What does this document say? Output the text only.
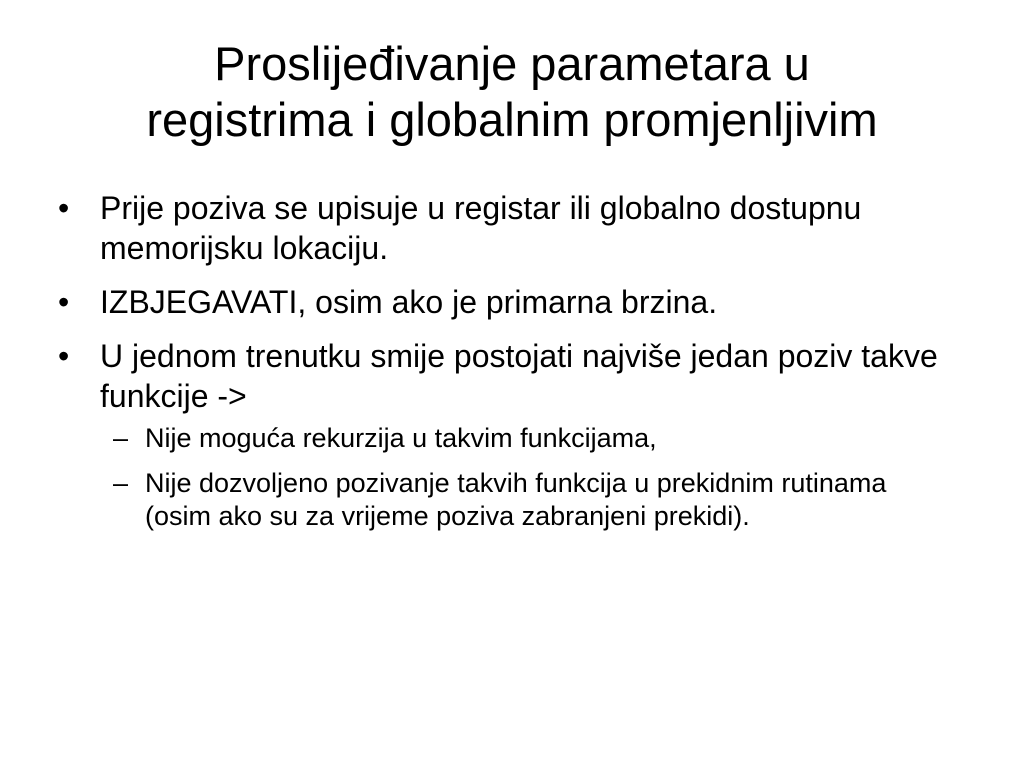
Proslijeđivanje parametara u
registrima i globalnim promjenljivim
• Prije poziva se upisuje u registar ili globalno dostupnu memorijsku lokaciju.
• IZBJEGAVATI, osim ako je primarna brzina.
• U jednom trenutku smije postojati najviše jedan poziv takve funkcije ->
– Nije moguća rekurzija u takvim funkcijama,
– Nije dozvoljeno pozivanje takvih funkcija u prekidnim rutinama (osim ako su za vrijeme poziva zabranjeni prekidi).
